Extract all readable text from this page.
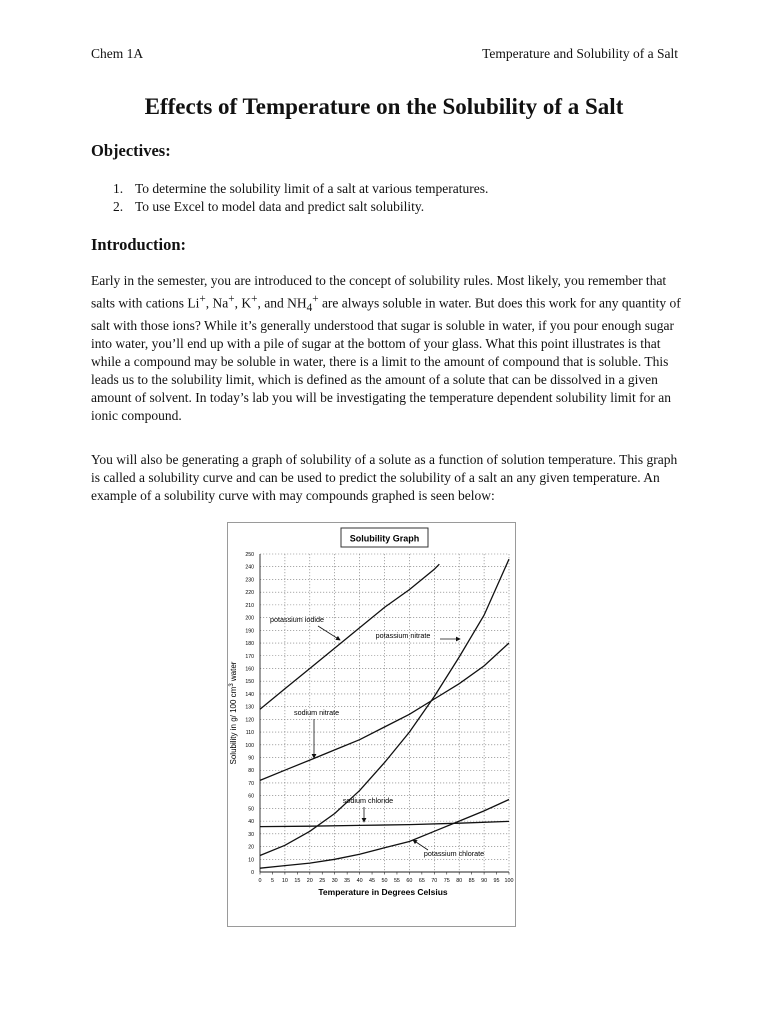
Chem 1A	Temperature and Solubility of a Salt
Effects of Temperature on the Solubility of a Salt
Objectives:
1. To determine the solubility limit of a salt at various temperatures.
2. To use Excel to model data and predict salt solubility.
Introduction:

Early in the semester, you are introduced to the concept of solubility rules. Most likely, you remember that salts with cations Li+, Na+, K+, and $NH_4^+$ are always soluble in water. But does this work for any quantity of salt with those ions? While it’s generally understood that sugar is soluble in water, if you pour enough sugar into water, you’ll end up with a pile of sugar at the bottom of your glass. What this point illustrates is that while a compound may be soluble in water, there is a limit to the amount of compound that is soluble. This leads us to the solubility limit, which is defined as the amount of a solute that can be dissolved in a given amount of solvent. In today’s lab you will be investigating the temperature dependent solubility limit for an ionic compound.

You will also be generating a graph of solubility of a solute as a function of solution temperature. This graph is called a solubility curve and can be used to predict the solubility of a salt an any given temperature. An example of a solubility curve with may compounds graphed is seen below:

0
10
20
30
40
50
60
70
80
90
100
110
120
130
140
150
160
170
180
190
200
210
220
230
240
250
0 5 10 15 20 25 30 35 40 45 50 55 60 65 70 75 80 85 90 95 100
potassium iodide
potassium nitrate
sodium nitrate
sodium chloride
potassium chlorate
Solubility Graph
Temperature in Degrees Celsius
Solubility in g/ 100 $cm^3$ water
